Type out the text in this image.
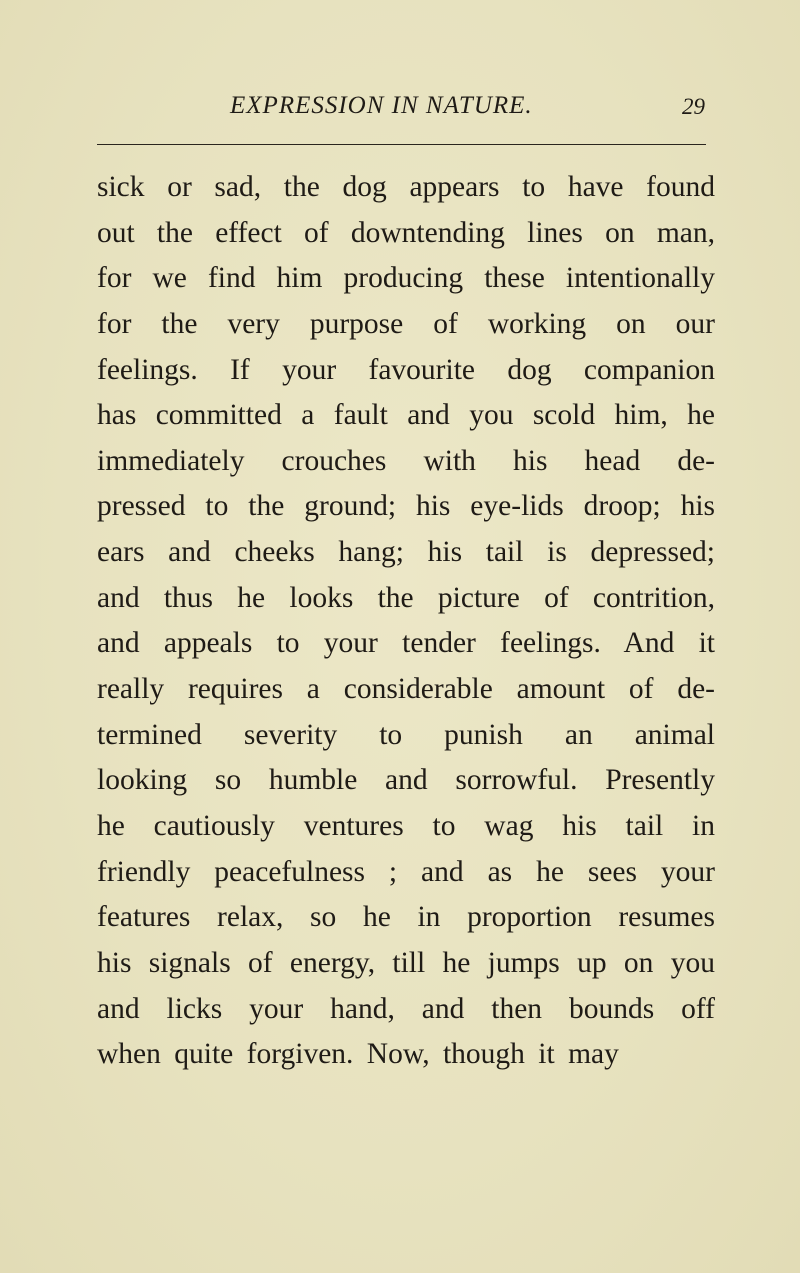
EXPRESSION IN NATURE.	29
sick or sad, the dog appears to have found
out the effect of downtending lines on man,
for we find him producing these intentionally
for the very purpose of working on our
feelings. If your favourite dog companion
has committed a fault and you scold him, he
immediately crouches with his head de-
pressed to the ground; his eye-lids droop; his
ears and cheeks hang; his tail is depressed;
and thus he looks the picture of contrition,
and appeals to your tender feelings. And it
really requires a considerable amount of de-
termined severity to punish an animal
looking so humble and sorrowful. Presently
he cautiously ventures to wag his tail in
friendly peacefulness ; and as he sees your
features relax, so he in proportion resumes
his signals of energy, till he jumps up on you
and licks your hand, and then bounds off
when quite forgiven. Now, though it may
